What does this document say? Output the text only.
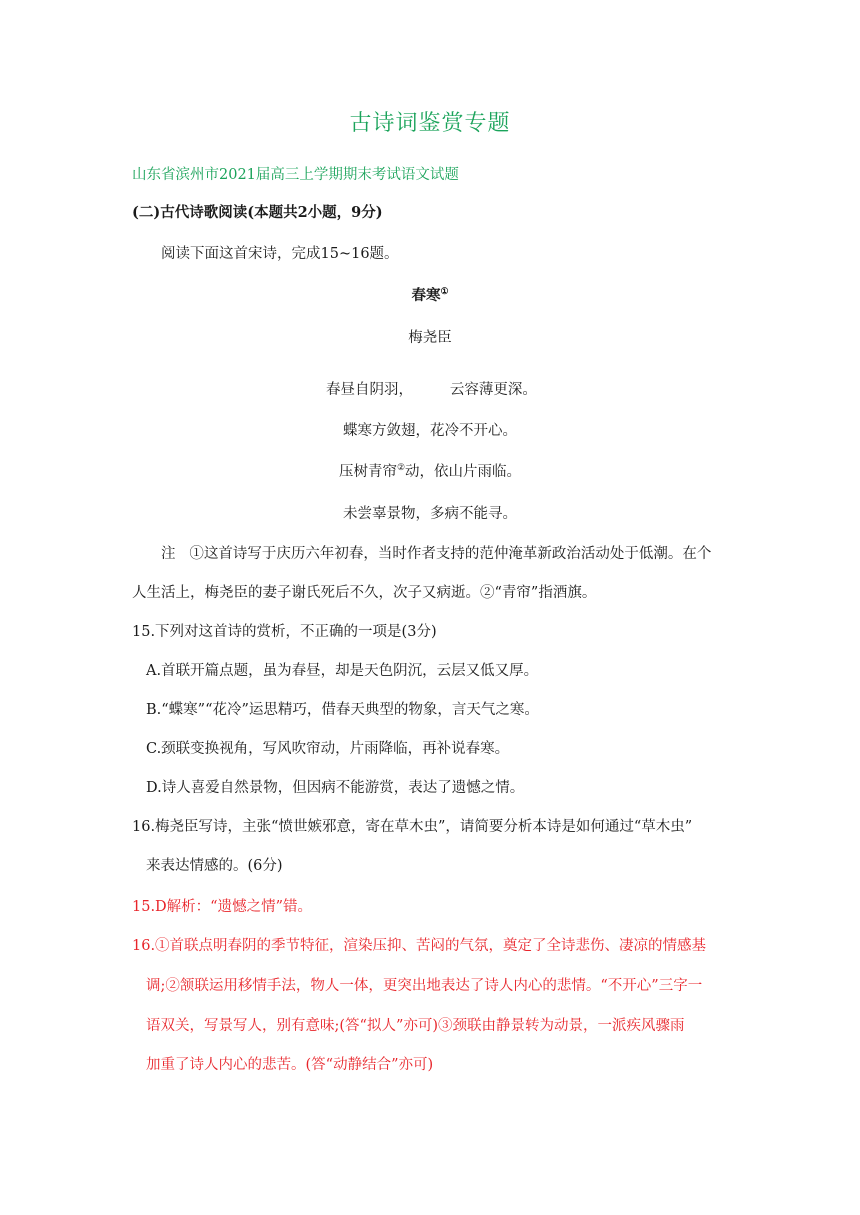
古诗词鉴赏专题
山东省滨州市2021届高三上学期期末考试语文试题
(二)古代诗歌阅读(本题共2小题，9分)
阅读下面这首宋诗，完成15~16题。
春寒①
梅尧臣
春昼自阴羽，        云容薄更深。
蝶寒方敛翅，花冷不开心。
压树青帘②动，依山片雨临。
未尝辜景物，多病不能寻。
注   ①这首诗写于庆历六年初春，当时作者支持的范仲淹革新政治活动处于低潮。在个
人生活上，梅尧臣的妻子谢氏死后不久，次子又病逝。②“青帘”指酒旗。
15.下列对这首诗的赏析，不正确的一项是(3分)
A.首联开篇点题，虽为春昼，却是天色阴沉，云层又低又厚。
B.“蝶寒”“花冷”运思精巧，借春天典型的物象，言天气之寒。
C.颈联变换视角，写风吹帘动，片雨降临，再补说春寒。
D.诗人喜爱自然景物，但因病不能游赏，表达了遗憾之情。
16.梅尧臣写诗，主张“愤世嫉邪意，寄在草木虫”，请简要分析本诗是如何通过“草木虫”
来表达情感的。(6分)
15.D解析：“遗憾之情”错。
16.①首联点明春阴的季节特征，渲染压抑、苦闷的气氛，奠定了全诗悲伤、凄凉的情感基
调;②颔联运用移情手法，物人一体，更突出地表达了诗人内心的悲情。“不开心”三字一
语双关，写景写人，别有意味;(答“拟人”亦可)③颈联由静景转为动景，一派疾风骤雨
加重了诗人内心的悲苦。(答“动静结合”亦可)
